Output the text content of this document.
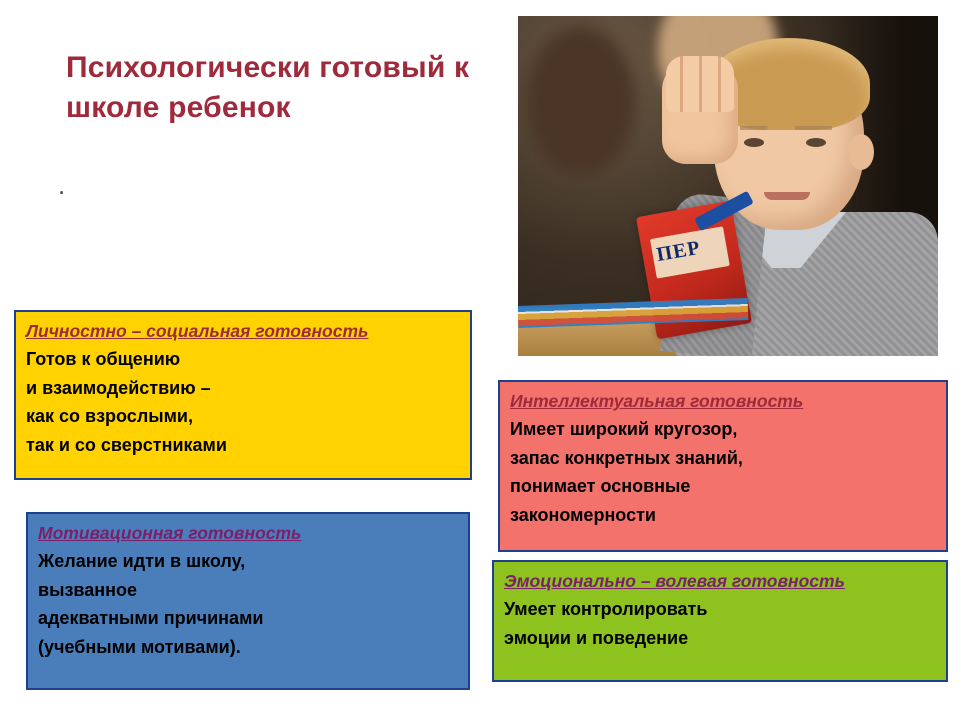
Психологически готовый к школе ребенок
.
ПЕР
Личностно – социальная готовность
Готов к общению
и взаимодействию –
как со взрослыми,
так и со сверстниками
Мотивационная готовность
Желание идти в школу,
вызванное
адекватными причинами
(учебными мотивами).
Интеллектуальная готовность
Имеет широкий кругозор,
запас конкретных знаний,
понимает основные
закономерности
Эмоционально – волевая готовность
Умеет контролировать
эмоции и поведение
